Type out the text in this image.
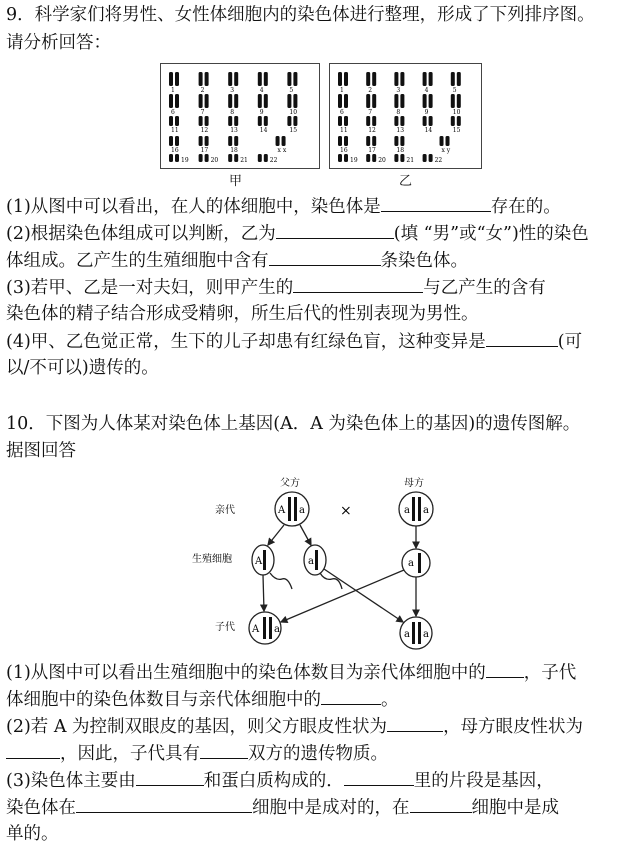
9．科学家们将男性、女性体细胞内的染色体进行整理，形成了下列排序图。
请分析回答：
1	2	3	4	5
6	7	8	9	10
11	12	13	14	15
16	17	18
19	20	21	22
x x
1	2	3	4	5
6	7	8	9	10
11	12	13	14	15
16	17	18
19	20	21	22
x y
甲	乙
(1)从图中可以看出，在人的体细胞中，染色体是	存在的。
(2)根据染色体组成可以判断，乙为	(填 “男”或“女”)性的染色
体组成。乙产生的生殖细胞中含有	条染色体。
(3)若甲、乙是一对夫妇，则甲产生的	与乙产生的含有
染色体的精子结合形成受精卵，所生后代的性别表现为男性。
(4)甲、乙色觉正常，生下的儿子却患有红绿色盲，这种变异是	(可
以/不可以)遗传的。
10．下图为人体某对染色体上基因(A．A 为染色体上的基因)的遗传图解。
据图回答
父方	母方
×
亲代
生殖细胞
子代
A a	a a
A	a	a
A a	a a
(1)从图中可以看出生殖细胞中的染色体数目为亲代体细胞中的 ，子代
体细胞中的染色体数目与亲代体细胞中的	。
(2)若 A 为控制双眼皮的基因，则父方眼皮性状为	，母方眼皮性状为
，因此，子代具有	双方的遗传物质。
(3)染色体主要由	和蛋白质构成的．	里的片段是基因，
染色体在	细胞中是成对的，在	细胞中是成
单的。
